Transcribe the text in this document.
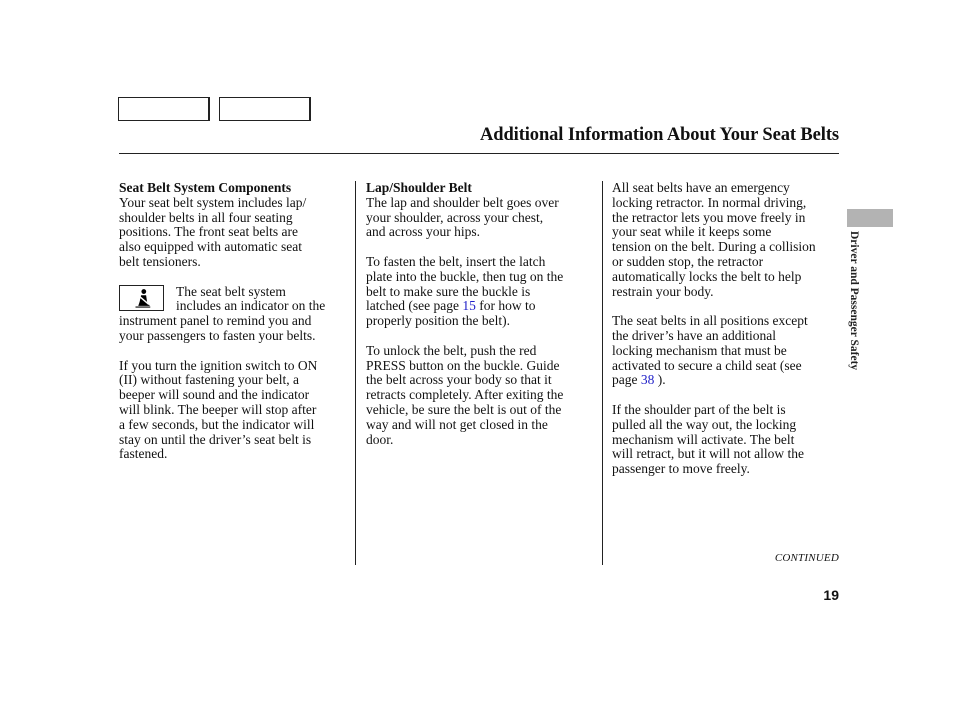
Additional Information About Your Seat Belts
Seat Belt System Components
Your seat belt system includes lap/
shoulder belts in all four seating
positions. The front seat belts are
also equipped with automatic seat
belt tensioners.
The seat belt system
includes an indicator on the
instrument panel to remind you and
your passengers to fasten your belts.
If you turn the ignition switch to ON
(II) without fastening your belt, a
beeper will sound and the indicator
will blink. The beeper will stop after
a few seconds, but the indicator will
stay on until the driver’s seat belt is
fastened.
Lap/Shoulder Belt
The lap and shoulder belt goes over
your shoulder, across your chest,
and across your hips.
To fasten the belt, insert the latch
plate into the buckle, then tug on the
belt to make sure the buckle is
latched (see page 15 for how to
properly position the belt).
To unlock the belt, push the red
PRESS button on the buckle. Guide
the belt across your body so that it
retracts completely. After exiting the
vehicle, be sure the belt is out of the
way and will not get closed in the
door.
All seat belts have an emergency
locking retractor. In normal driving,
the retractor lets you move freely in
your seat while it keeps some
tension on the belt. During a collision
or sudden stop, the retractor
automatically locks the belt to help
restrain your body.
The seat belts in all positions except
the driver’s have an additional
locking mechanism that must be
activated to secure a child seat (see
page 38 ).
If the shoulder part of the belt is
pulled all the way out, the locking
mechanism will activate. The belt
will retract, but it will not allow the
passenger to move freely.
Driver and Passenger Safety
CONTINUED
19
